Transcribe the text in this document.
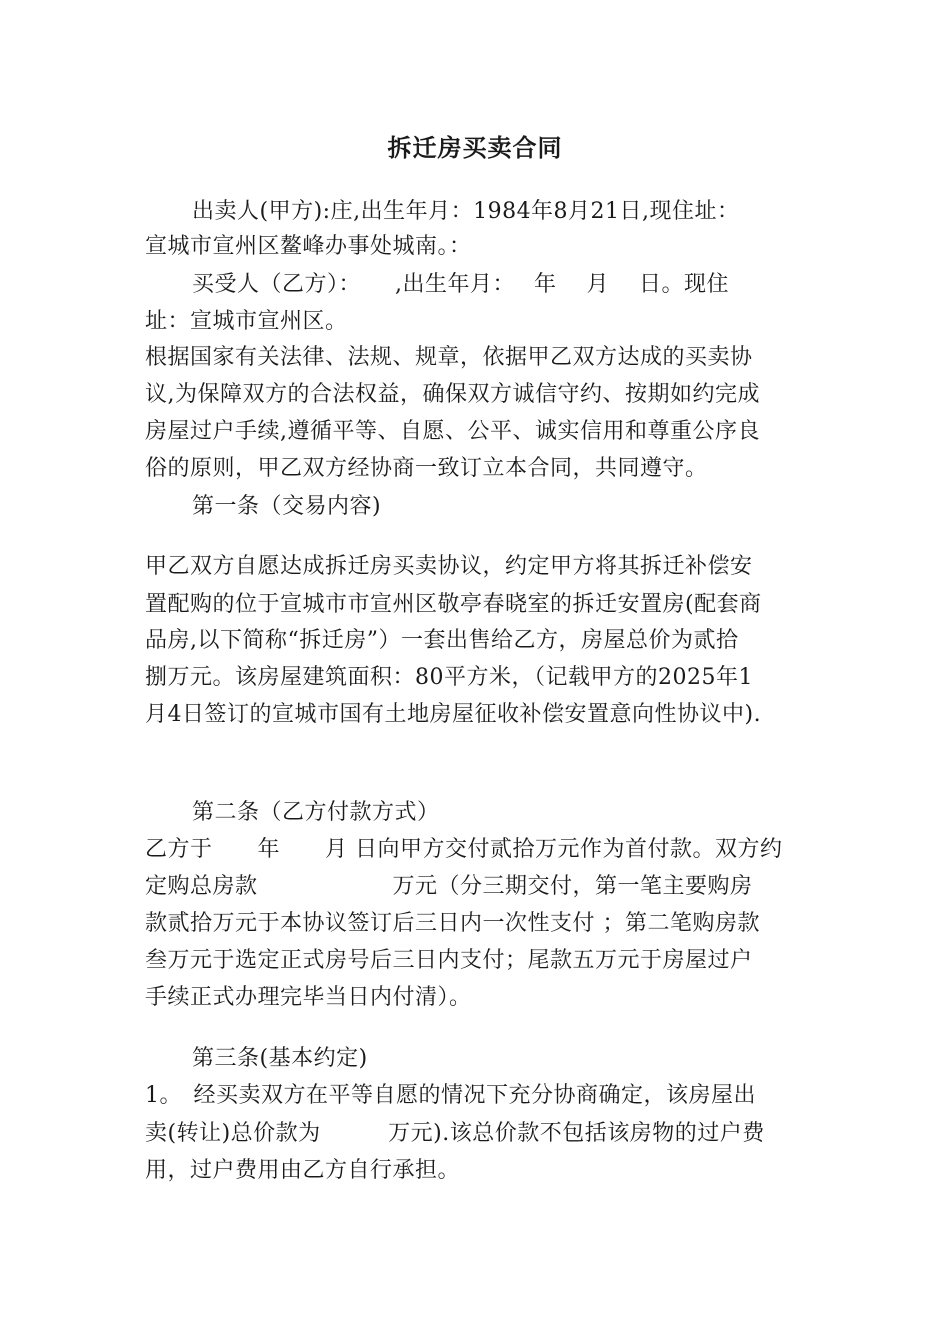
拆迁房买卖合同
出卖人(甲方):庄,出生年月：1984年8月21日,现住址：
宣城市宣州区鳌峰办事处城南。：
买受人（乙方）：　　,出生年月：　 年　 月　 日。现住
址：宣城市宣州区。
根据国家有关法律、法规、规章，依据甲乙双方达成的买卖协
议,为保障双方的合法权益，确保双方诚信守约、按期如约完成
房屋过户手续,遵循平等、自愿、公平、诚实信用和尊重公序良
俗的原则，甲乙双方经协商一致订立本合同，共同遵守。
第一条（交易内容)
甲乙双方自愿达成拆迁房买卖协议，约定甲方将其拆迁补偿安
置配购的位于宣城市市宣州区敬亭春晓室的拆迁安置房(配套商
品房,以下简称“拆迁房”）一套出售给乙方，房屋总价为贰拾
捌万元。该房屋建筑面积：80平方米，（记载甲方的2025年1
月4日签订的宣城市国有土地房屋征收补偿安置意向性协议中).
第二条（乙方付款方式）
乙方于　　年　　月 日向甲方交付贰拾万元作为首付款。双方约
定购总房款　　　　　　万元（分三期交付，第一笔主要购房
款贰拾万元于本协议签订后三日内一次性支付 ；第二笔购房款
叁万元于选定正式房号后三日内支付；尾款五万元于房屋过户
手续正式办理完毕当日内付清）。
第三条(基本约定)
1。　经买卖双方在平等自愿的情况下充分协商确定，该房屋出
卖(转让)总价款为　　　万元).该总价款不包括该房物的过户费
用，过户费用由乙方自行承担。
